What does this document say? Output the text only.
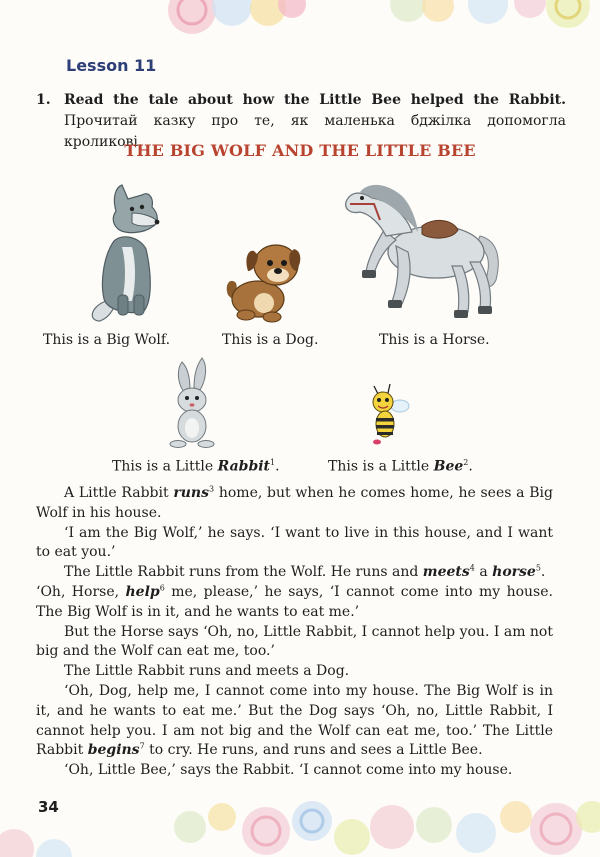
Lesson 11
1. Read the tale about how the Little Bee helped the Rabbit. Прочитай казку про те, як маленька бджілка допомогла кроликові.
THE BIG WOLF AND THE LITTLE BEE
This is a Big Wolf.	This is a Dog.	This is a Horse.
This is a Little Rabbit$^1$.	This is a Little Bee$^2$.

A Little Rabbit runs$^3$ home, but when he comes home, he sees a Big Wolf in his house.

‘I am the Big Wolf,’ he says. ‘I want to live in this house, and I want to eat you.’

The Little Rabbit runs from the Wolf. He runs and meets$^4$ a horse$^5$.

‘Oh, Horse, help$^6$ me, please,’ he says, ‘I cannot come into my house. The Big Wolf is in it, and he wants to eat me.’

But the Horse says ‘Oh, no, Little Rabbit, I cannot help you. I am not big and the Wolf can eat me, too.’

The Little Rabbit runs and meets a Dog.

‘Oh, Dog, help me, I cannot come into my house. The Big Wolf is in it, and he wants to eat me.’ But the Dog says ‘Oh, no, Little Rabbit, I cannot help you. I am not big and the Wolf can eat me, too.’ The Little Rabbit begins$^7$ to cry. He runs, and runs and sees a Little Bee.

‘Oh, Little Bee,’ says the Rabbit. ‘I cannot come into my house.

34
